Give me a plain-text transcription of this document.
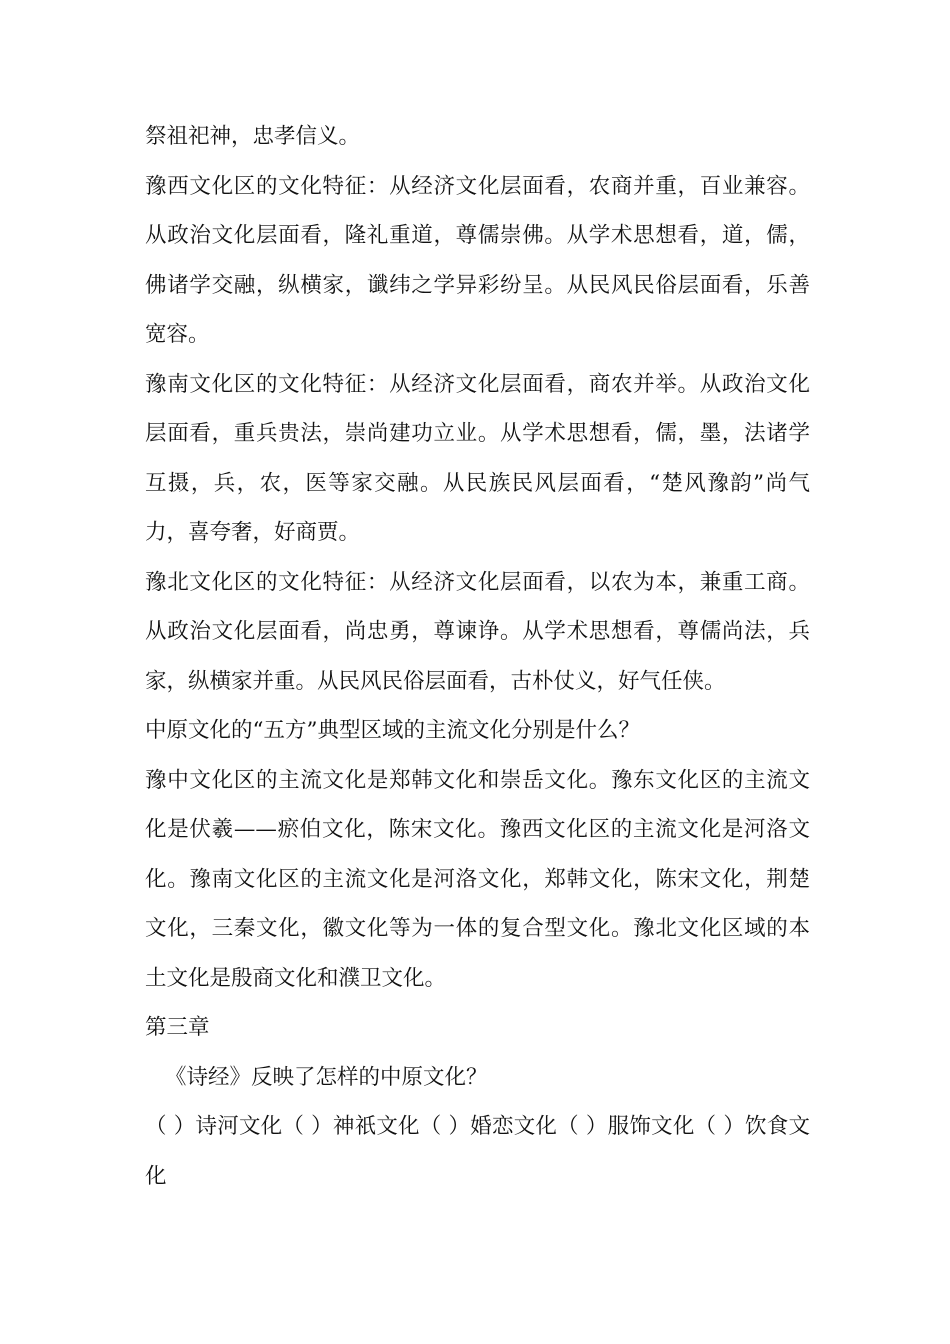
祭祖祀神，忠孝信义。

豫西文化区的文化特征：从经济文化层面看，农商并重，百业兼容。从政治文化层面看，隆礼重道，尊儒崇佛。从学术思想看，道，儒，佛诸学交融，纵横家，谶纬之学异彩纷呈。从民风民俗层面看，乐善宽容。

豫南文化区的文化特征：从经济文化层面看，商农并举。从政治文化层面看，重兵贵法，崇尚建功立业。从学术思想看，儒，墨，法诸学互摄，兵，农，医等家交融。从民族民风层面看，“楚风豫韵”尚气力，喜夸奢，好商贾。

豫北文化区的文化特征：从经济文化层面看，以农为本，兼重工商。从政治文化层面看，尚忠勇，尊谏诤。从学术思想看，尊儒尚法，兵家，纵横家并重。从民风民俗层面看，古朴仗义，好气任侠。

中原文化的“五方”典型区域的主流文化分别是什么？

豫中文化区的主流文化是郑韩文化和崇岳文化。豫东文化区的主流文化是伏羲——瘀伯文化，陈宋文化。豫西文化区的主流文化是河洛文化。豫南文化区的主流文化是河洛文化，郑韩文化，陈宋文化，荆楚文化，三秦文化，徽文化等为一体的复合型文化。豫北文化区域的本土文化是殷商文化和濮卫文化。

第三章

《诗经》反映了怎样的中原文化？

（ ）诗河文化（ ）神祇文化（ ）婚恋文化（ ）服饰文化（ ）饮食文化
